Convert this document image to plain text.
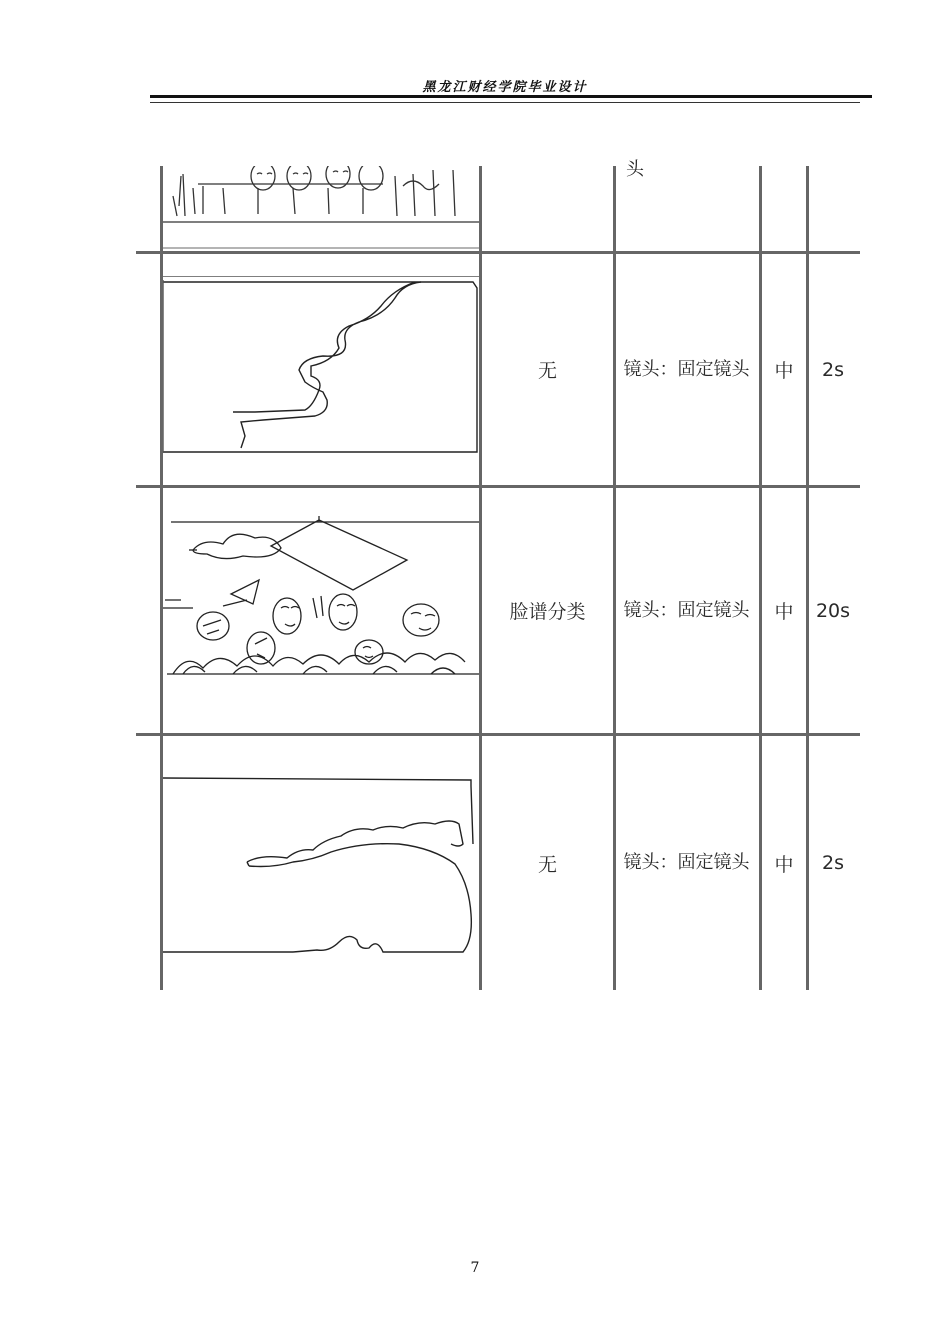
黑龙江财经学院毕业设计
头
无	镜头：固定镜头 中 2s
脸谱分类 镜头：固定镜头 中 20s
无	镜头：固定镜头 中 2s
7
